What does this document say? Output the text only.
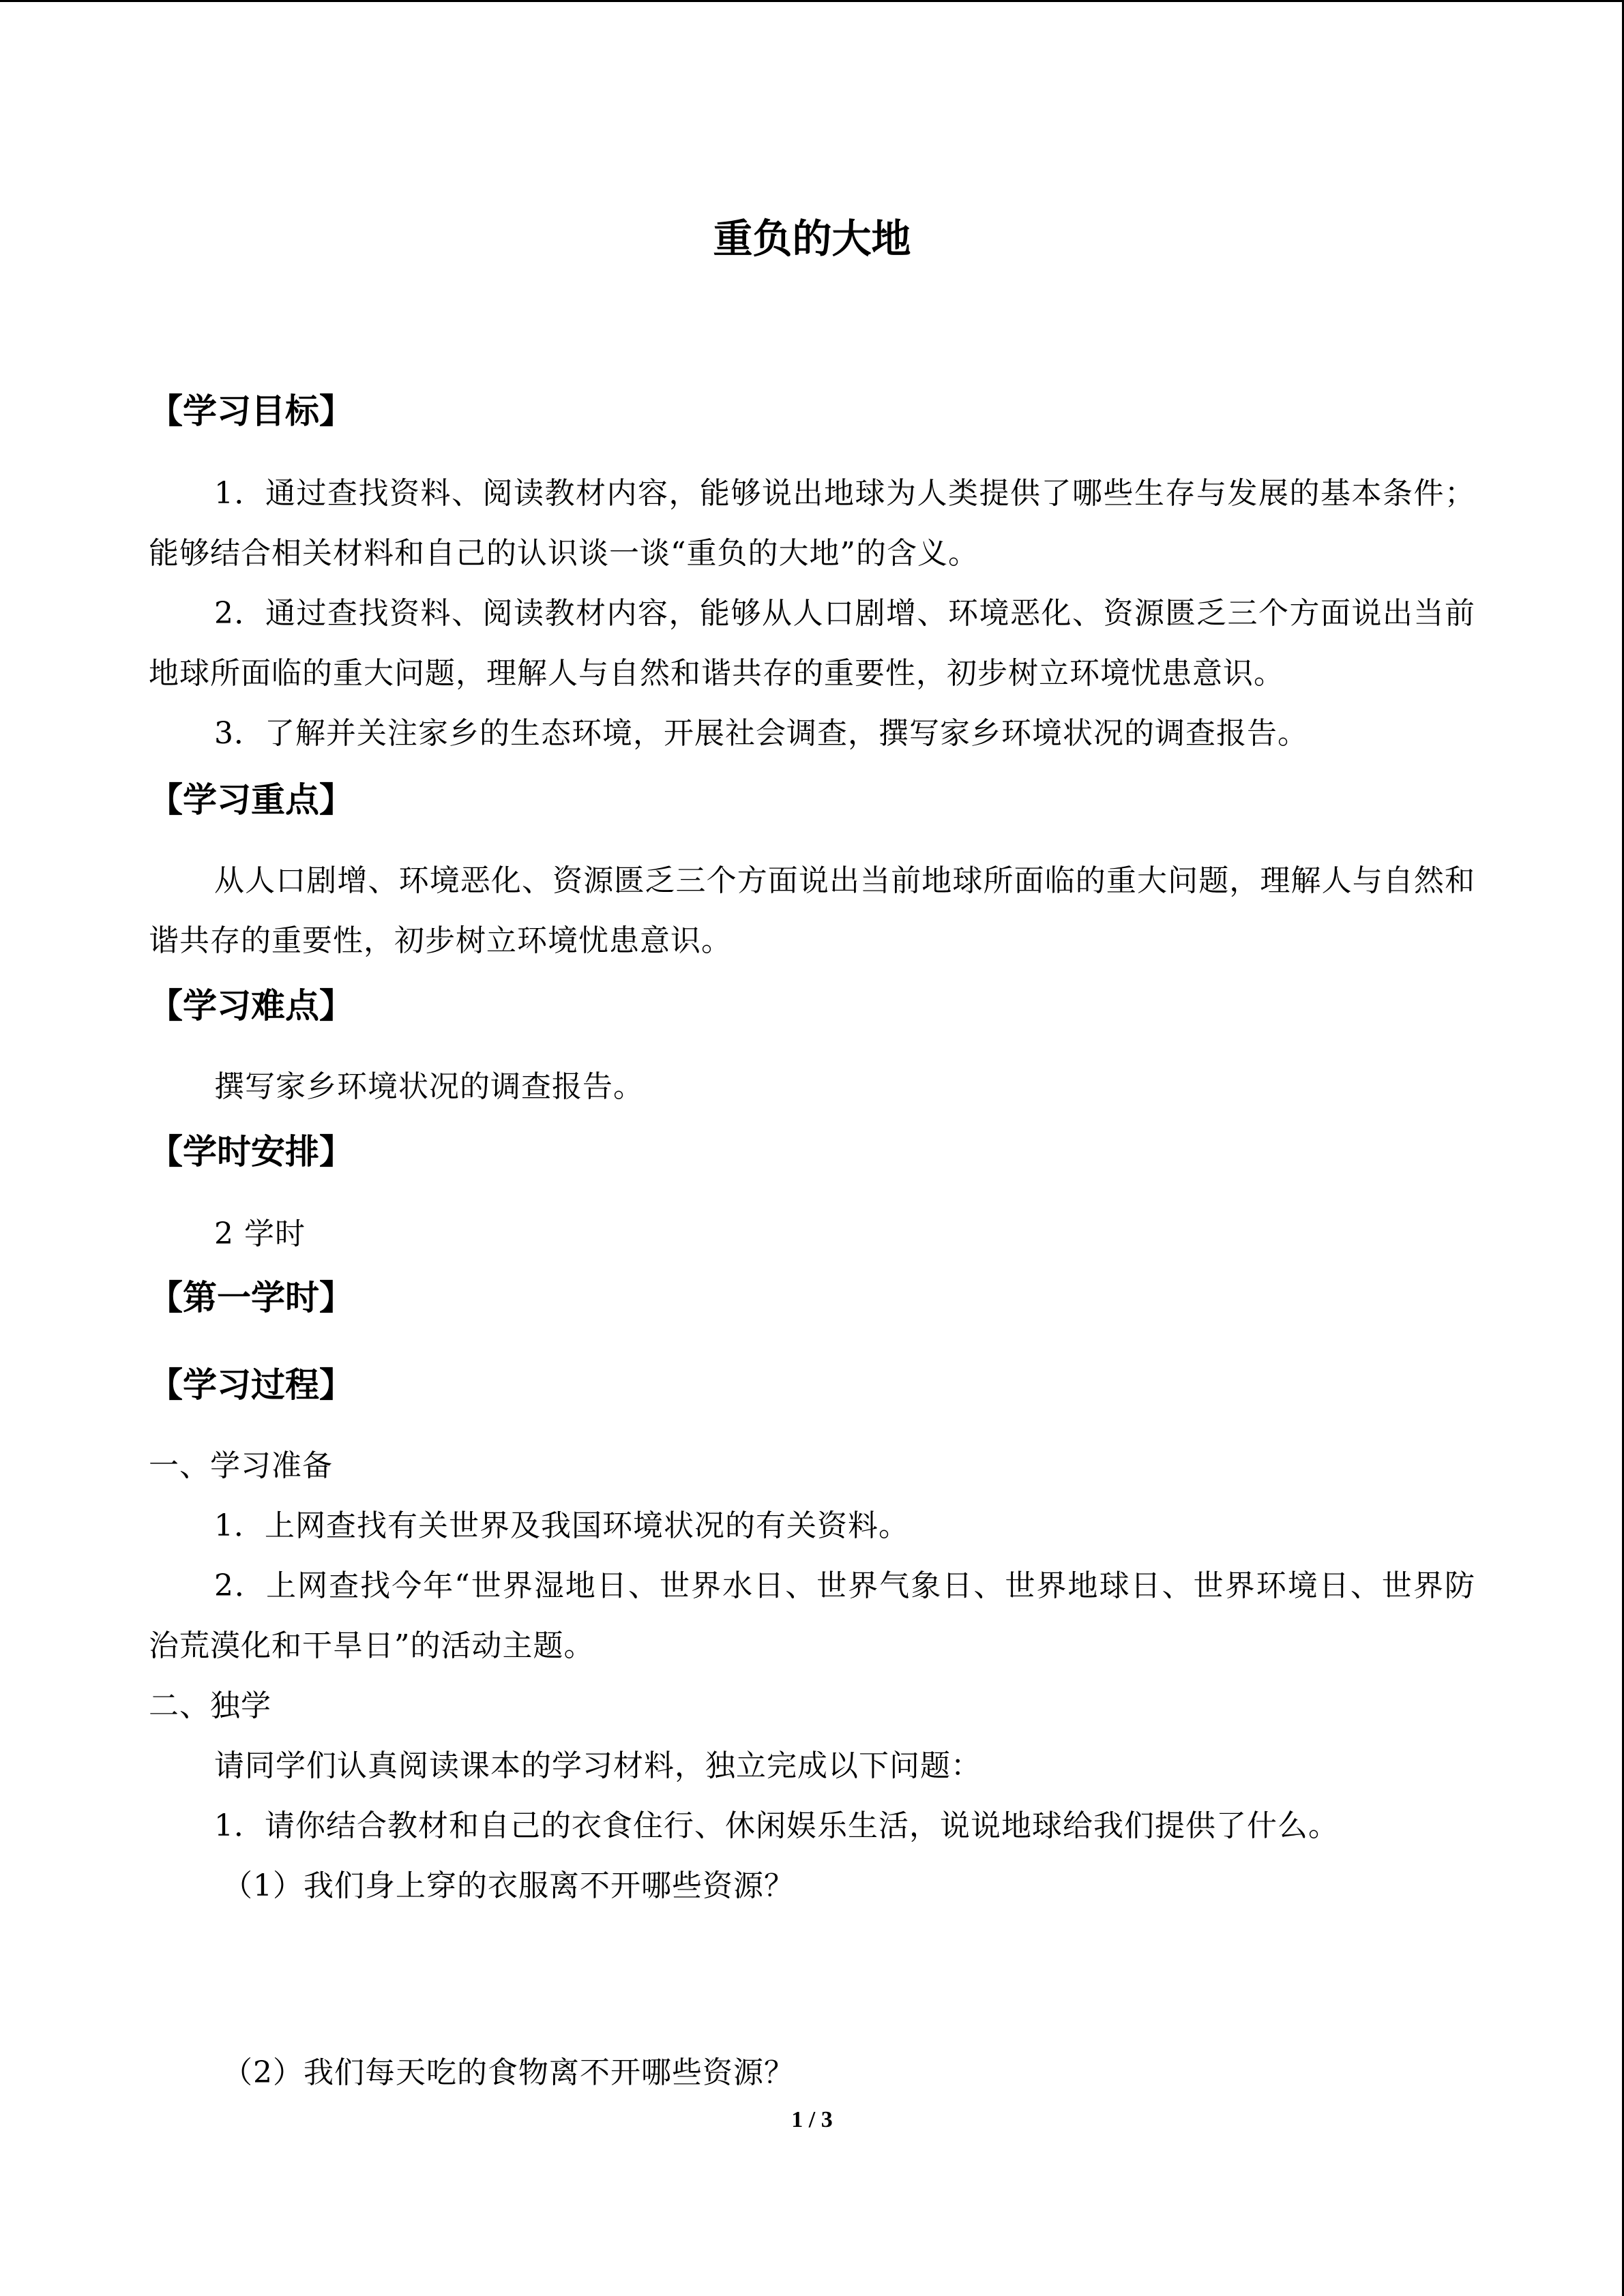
重负的大地
【学习目标】

1．通过查找资料、阅读教材内容，能够说出地球为人类提供了哪些生存与发展的基本条件；能够结合相关材料和自己的认识谈一谈“重负的大地”的含义。

2．通过查找资料、阅读教材内容，能够从人口剧增、环境恶化、资源匮乏三个方面说出当前地球所面临的重大问题，理解人与自然和谐共存的重要性，初步树立环境忧患意识。

3．了解并关注家乡的生态环境，开展社会调查，撰写家乡环境状况的调查报告。

【学习重点】

从人口剧增、环境恶化、资源匮乏三个方面说出当前地球所面临的重大问题，理解人与自然和谐共存的重要性，初步树立环境忧患意识。

【学习难点】

撰写家乡环境状况的调查报告。

【学时安排】

2 学时

【第一学时】
【学习过程】

一、学习准备

1．上网查找有关世界及我国环境状况的有关资料。

2．上网查找今年“世界湿地日、世界水日、世界气象日、世界地球日、世界环境日、世界防治荒漠化和干旱日”的活动主题。

二、独学

请同学们认真阅读课本的学习材料，独立完成以下问题：

1．请你结合教材和自己的衣食住行、休闲娱乐生活，说说地球给我们提供了什么。

（1）我们身上穿的衣服离不开哪些资源？

（2）我们每天吃的食物离不开哪些资源？

1 / 3
